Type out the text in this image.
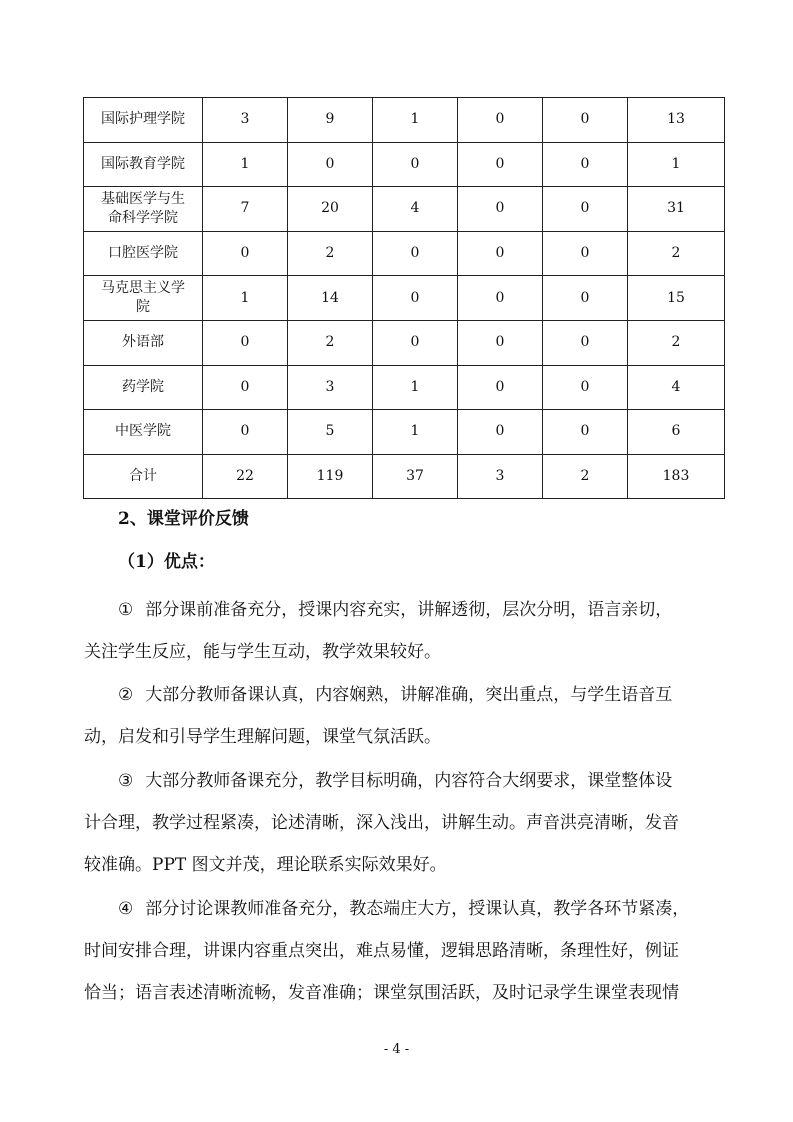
国际护理学院	3	9	1	0	0	13
国际教育学院	1	0	0	0	0	1

基础医学与生
命科学学院	7	20	4	0	0	31
口腔医学院	0	2	0	0	0	2

马克思主义学
院	1	14	0	0	0	15
外语部	0	2	0	0	0	2
药学院	0	3	1	0	0	4
中医学院	0	5	1	0	0	6
合计	22	119	37	3	2	183
2、课堂评价反馈
（1）优点：
① 部分课前准备充分，授课内容充实，讲解透彻，层次分明，语言亲切，
关注学生反应，能与学生互动，教学效果较好。
② 大部分教师备课认真，内容娴熟，讲解准确，突出重点，与学生语音互
动，启发和引导学生理解问题，课堂气氛活跃。
③ 大部分教师备课充分，教学目标明确，内容符合大纲要求，课堂整体设
计合理，教学过程紧凑，论述清晰，深入浅出，讲解生动。声音洪亮清晰，发音
较准确。PPT 图文并茂，理论联系实际效果好。
④ 部分讨论课教师准备充分，教态端庄大方，授课认真，教学各环节紧凑，
时间安排合理，讲课内容重点突出，难点易懂，逻辑思路清晰，条理性好，例证
恰当；语言表述清晰流畅，发音准确；课堂氛围活跃，及时记录学生课堂表现情
- 4 -
